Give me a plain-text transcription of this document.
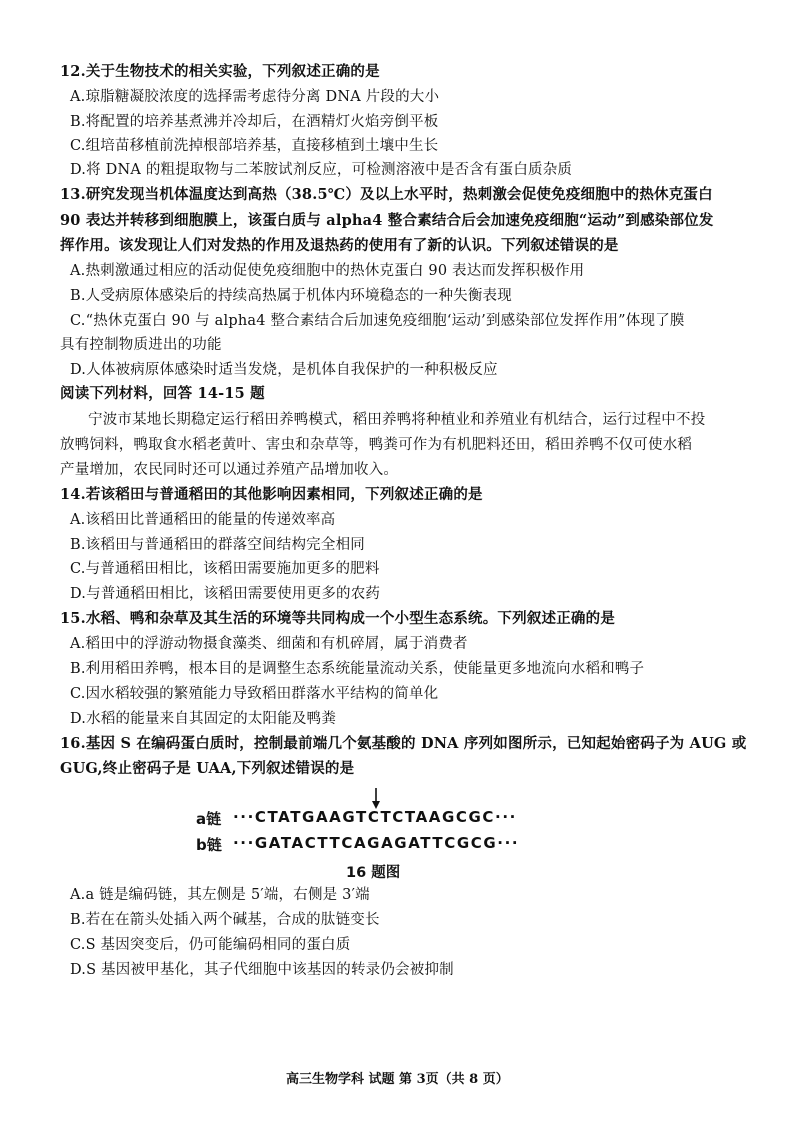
12.关于生物技术的相关实验，下列叙述正确的是
A.琼脂糖凝胶浓度的选择需考虑待分离 DNA 片段的大小
B.将配置的培养基煮沸并冷却后，在酒精灯火焰旁倒平板
C.组培苗移植前洗掉根部培养基，直接移植到土壤中生长
D.将 DNA 的粗提取物与二苯胺试剂反应，可检测溶液中是否含有蛋白质杂质
13.研究发现当机体温度达到高热（38.5℃）及以上水平时，热刺激会促使免疫细胞中的热休克蛋白
90 表达并转移到细胞膜上，该蛋白质与 alpha4 整合素结合后会加速免疫细胞“运动”到感染部位发
挥作用。该发现让人们对发热的作用及退热药的使用有了新的认识。下列叙述错误的是
A.热刺激通过相应的活动促使免疫细胞中的热休克蛋白 90 表达而发挥积极作用
B.人受病原体感染后的持续高热属于机体内环境稳态的一种失衡表现
C.“热休克蛋白 90 与 alpha4 整合素结合后加速免疫细胞‘运动’到感染部位发挥作用”体现了膜
具有控制物质进出的功能
D.人体被病原体感染时适当发烧，是机体自我保护的一种积极反应
阅读下列材料，回答 14-15 题
宁波市某地长期稳定运行稻田养鸭模式，稻田养鸭将种植业和养殖业有机结合，运行过程中不投
放鸭饲料，鸭取食水稻老黄叶、害虫和杂草等，鸭粪可作为有机肥料还田，稻田养鸭不仅可使水稻
产量增加，农民同时还可以通过养殖产品增加收入。
14.若该稻田与普通稻田的其他影响因素相同，下列叙述正确的是
A.该稻田比普通稻田的能量的传递效率高
B.该稻田与普通稻田的群落空间结构完全相同
C.与普通稻田相比，该稻田需要施加更多的肥料
D.与普通稻田相比，该稻田需要使用更多的农药
15.水稻、鸭和杂草及其生活的环境等共同构成一个小型生态系统。下列叙述正确的是
A.稻田中的浮游动物摄食藻类、细菌和有机碎屑，属于消费者
B.利用稻田养鸭，根本目的是调整生态系统能量流动关系，使能量更多地流向水稻和鸭子
C.因水稻较强的繁殖能力导致稻田群落水平结构的简单化
D.水稻的能量来自其固定的太阳能及鸭粪
16.基因 S 在编码蛋白质时，控制最前端几个氨基酸的 DNA 序列如图所示，已知起始密码子为 AUG 或
GUG,终止密码子是 UAA,下列叙述错误的是
a链 ···CTATGAAGTCTCTAAGCGC···
b链 ···GATACTTCAGAGATTCGCG···
16 题图
A.a 链是编码链，其左侧是 5′端，右侧是 3′端
B.若在在箭头处插入两个碱基，合成的肽链变长
C.S 基因突变后，仍可能编码相同的蛋白质
D.S 基因被甲基化，其子代细胞中该基因的转录仍会被抑制
高三生物学科 试题 第 3页（共 8 页）
